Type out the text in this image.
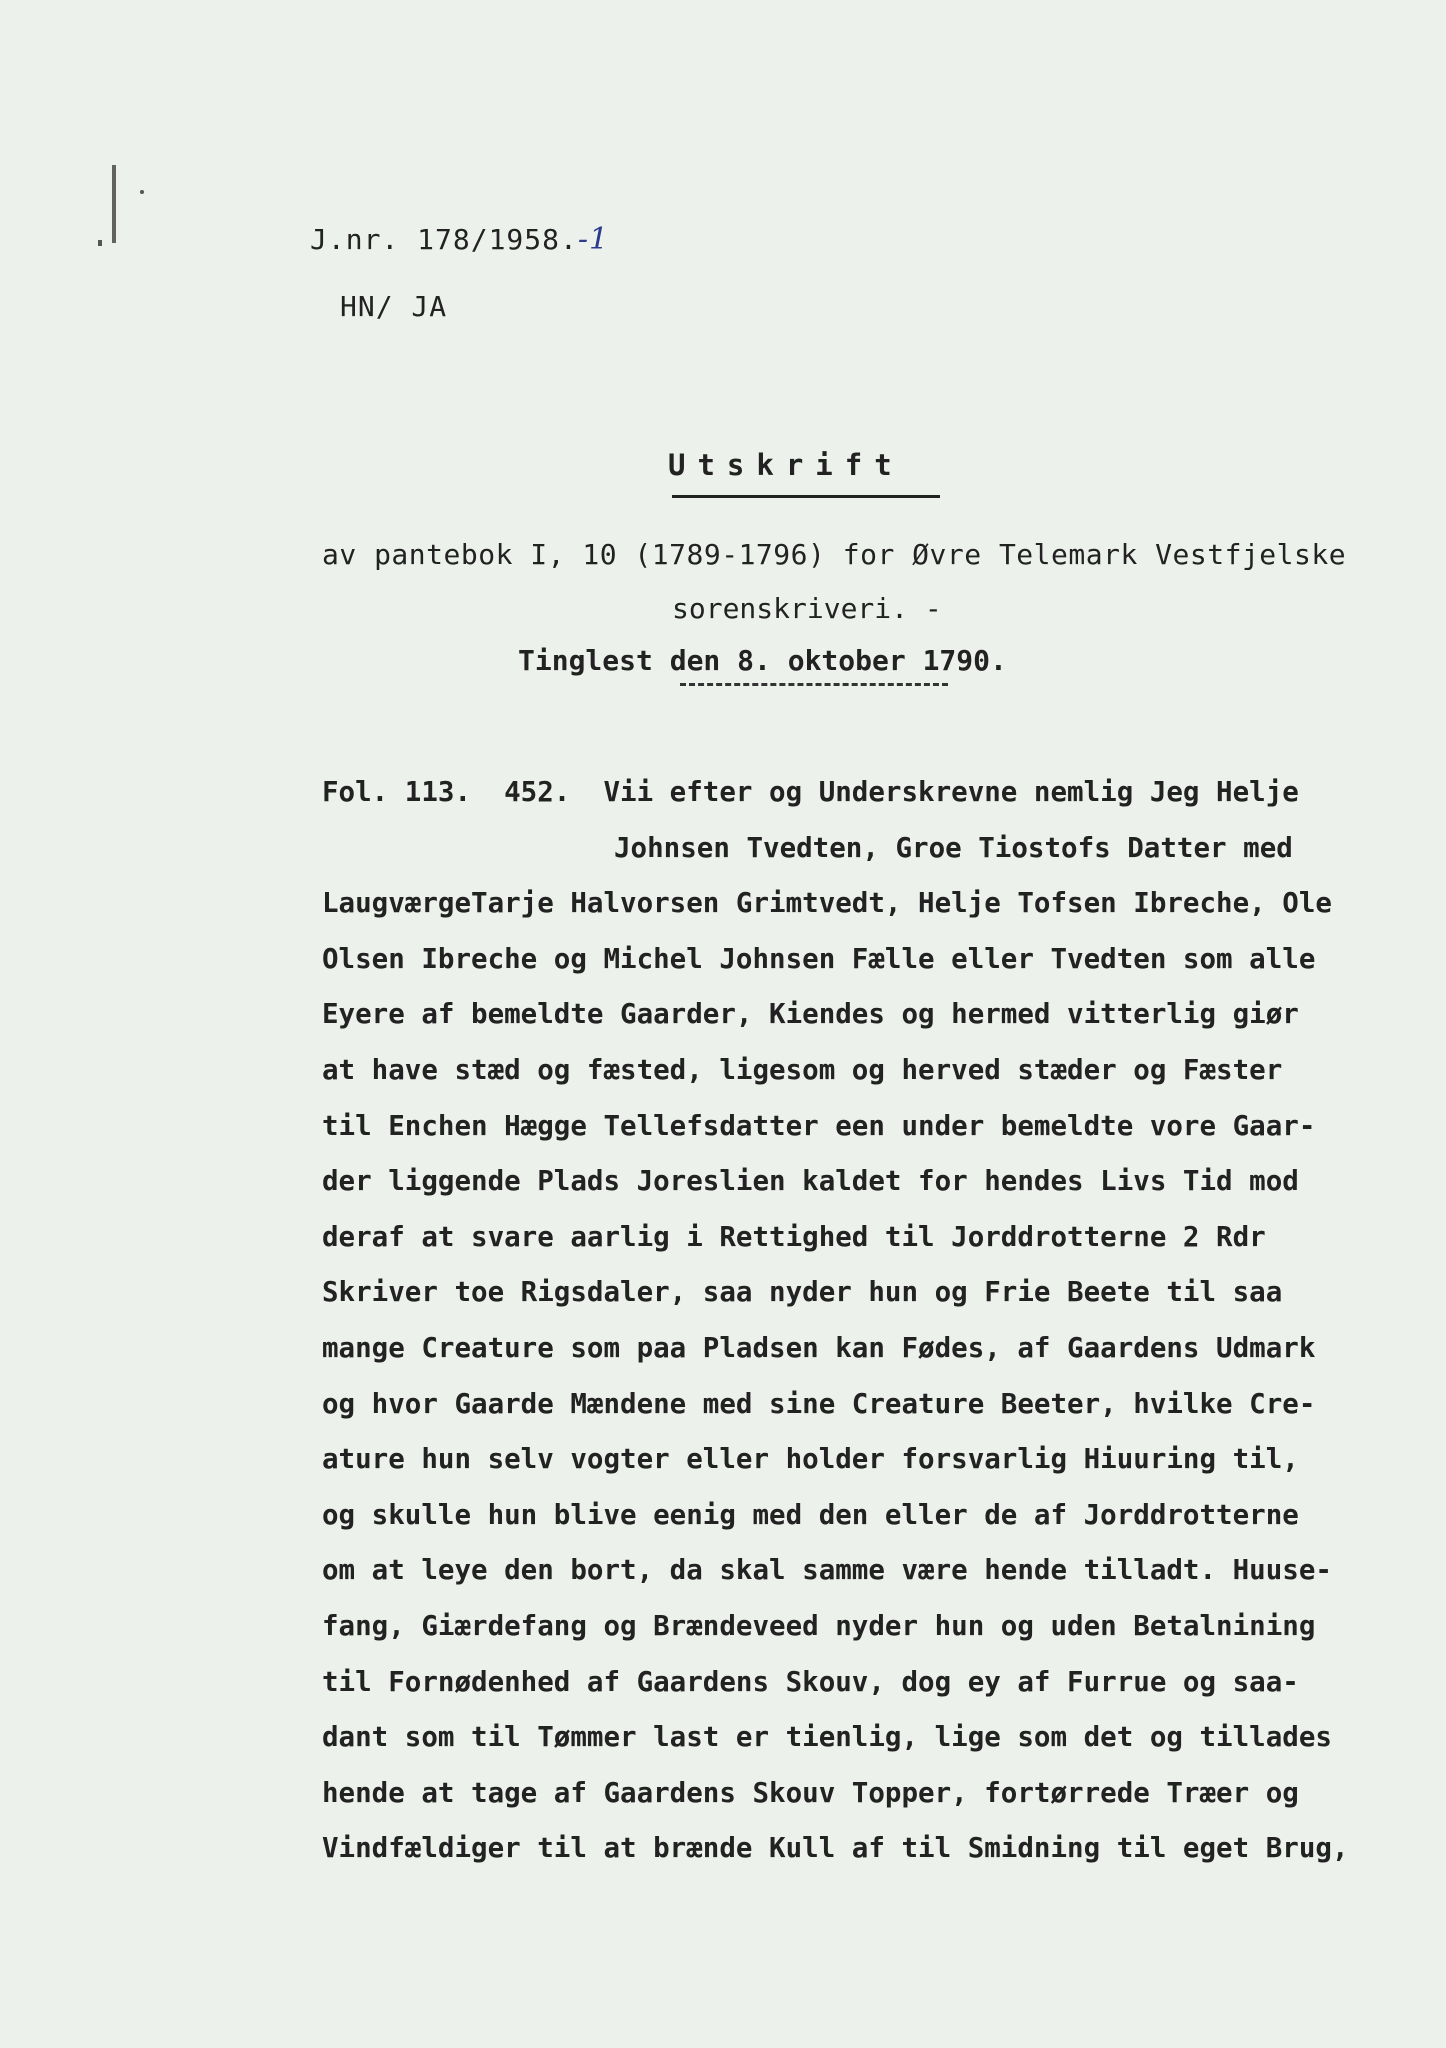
J.nr. 178/1958.-1
HN/ JA
Utskrift
av pantebok I, 10 (1789-1796) for Øvre Telemark Vestfjelske
sorenskriveri. -
Tinglest den 8. oktober 1790.
Fol. 113.  452.  Vii efter og Underskrevne nemlig Jeg Helje
Johnsen Tvedten, Groe Tiostofs Datter med
LaugværgeTarje Halvorsen Grimtvedt, Helje Tofsen Ibreche, Ole
Olsen Ibreche og Michel Johnsen Fælle eller Tvedten som alle
Eyere af bemeldte Gaarder, Kiendes og hermed vitterlig giør
at have stæd og fæsted, ligesom og herved stæder og Fæster
til Enchen Hægge Tellefsdatter een under bemeldte vore Gaar-
der liggende Plads Joreslien kaldet for hendes Livs Tid mod
deraf at svare aarlig i Rettighed til Jorddrotterne 2 Rdr
Skriver toe Rigsdaler, saa nyder hun og Frie Beete til saa
mange Creature som paa Pladsen kan Fødes, af Gaardens Udmark
og hvor Gaarde Mændene med sine Creature Beeter, hvilke Cre-
ature hun selv vogter eller holder forsvarlig Hiuuring til,
og skulle hun blive eenig med den eller de af Jorddrotterne
om at leye den bort, da skal samme være hende tilladt. Huuse-
fang, Giærdefang og Brændeveed nyder hun og uden Betalnining
til Fornødenhed af Gaardens Skouv, dog ey af Furrue og saa-
dant som til Tømmer last er tienlig, lige som det og tillades
hende at tage af Gaardens Skouv Topper, fortørrede Træer og
Vindfældiger til at brænde Kull af til Smidning til eget Brug,
